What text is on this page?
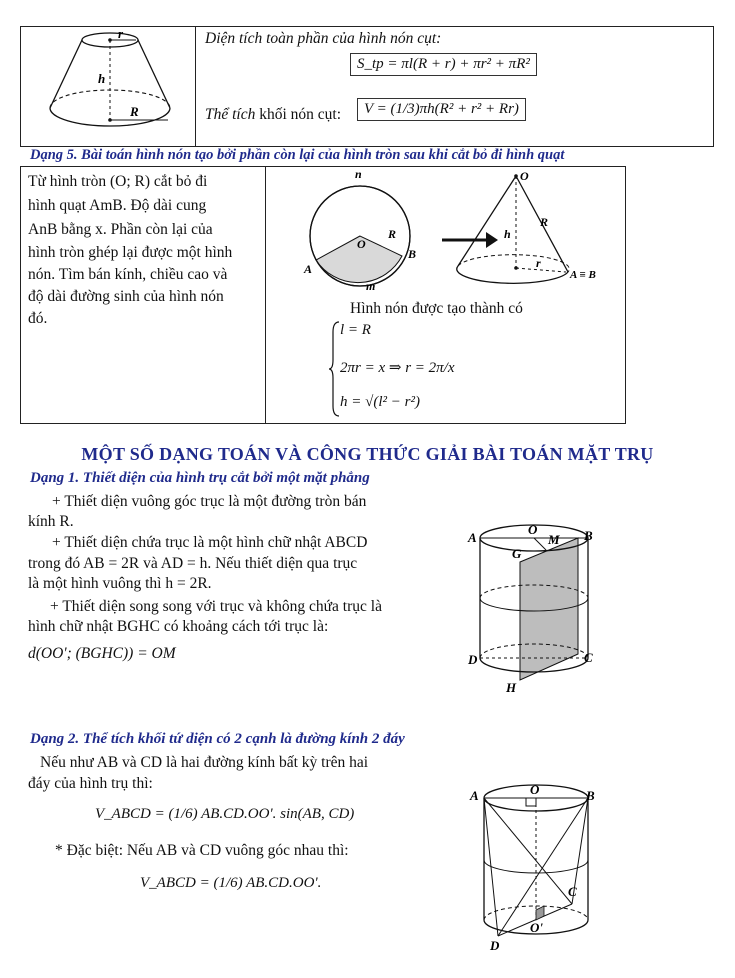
r
h
R
Diện tích toàn phần của hình nón cụt:
S_tp = πl(R + r) + πr² + πR²
Thể tích khối nón cụt:	V = (1/3)πh(R² + r² + Rr)
Dạng 5. Bài toán hình nón tạo bởi phần còn lại của hình tròn sau khi cắt bỏ đi hình quạt
Từ hình tròn (O; R) cắt bỏ đi
hình quạt AmB. Độ dài cung
AnB bằng x. Phần còn lại của
hình tròn ghép lại được một hình
nón. Tìm bán kính, chiều cao và
độ dài đường sinh của hình nón
đó.
n
O
R
A
B
m
O
R
h
r
A ≡ B
Hình nón được tạo thành có
l = R
2πr = x ⇒ r = 2π/x
h = √(l² − r²)
MỘT SỐ DẠNG TOÁN VÀ CÔNG THỨC GIẢI BÀI TOÁN MẶT TRỤ
Dạng 1. Thiết diện của hình trụ cắt bởi một mặt phẳng
+ Thiết diện vuông góc trục là một đường tròn bán
kính R.
+ Thiết diện chứa trục là một hình chữ nhật ABCD
trong đó AB = 2R và AD = h. Nếu thiết diện qua trục
là một hình vuông thì h = 2R.
+ Thiết diện song song với trục và không chứa trục là
hình chữ nhật BGHC có khoảng cách tới trục là:
d(OO'; (BGHC)) = OM
A
O
M B
G
D	C
H
Dạng 2. Thể tích khối tứ diện có 2 cạnh là đường kính 2 đáy
Nếu như AB và CD là hai đường kính bất kỳ trên hai
đáy của hình trụ thì:
V_ABCD = (1/6) AB.CD.OO'. sin(AB, CD)
* Đặc biệt: Nếu AB và CD vuông góc nhau thì:
V_ABCD = (1/6) AB.CD.OO'.
A	O	B
C
O'
D
